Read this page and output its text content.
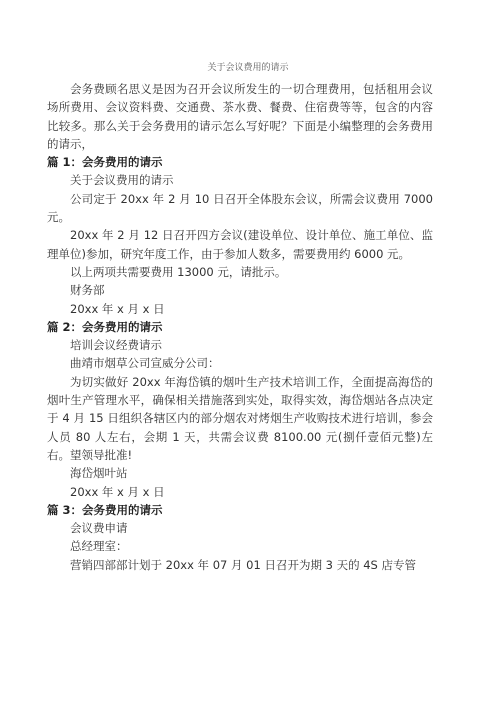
关于会议费用的请示

会务费顾名思义是因为召开会议所发生的一切合理费用，包括租用会议场所费用、会议资料费、交通费、茶水费、餐费、住宿费等等，包含的内容比较多。那么关于会务费用的请示怎么写好呢？下面是小编整理的会务费用的请示，

篇 1：会务费用的请示

关于会议费用的请示

公司定于 20xx 年 2 月 10 日召开全体股东会议，所需会议费用 7000 元。

20xx 年 2 月 12 日召开四方会议(建设单位、设计单位、施工单位、监理单位)参加，研究年度工作，由于参加人数多，需要费用约 6000 元。

以上两项共需要费用 13000 元，请批示。

财务部

20xx 年 x 月 x 日

篇 2：会务费用的请示

培训会议经费请示

曲靖市烟草公司宣威分公司：

为切实做好 20xx 年海岱镇的烟叶生产技术培训工作，全面提高海岱的烟叶生产管理水平，确保相关措施落到实处，取得实效，海岱烟站各点决定于 4 月 15 日组织各辖区内的部分烟农对烤烟生产收购技术进行培训，参会人员 80 人左右，会期 1 天，共需会议费 8100.00 元(捌仟壹佰元整)左右。望领导批准!

海岱烟叶站

20xx 年 x 月 x 日

篇 3：会务费用的请示

会议费申请

总经理室：

营销四部部计划于 20xx 年 07 月 01 日召开为期 3 天的 4S 店专管
